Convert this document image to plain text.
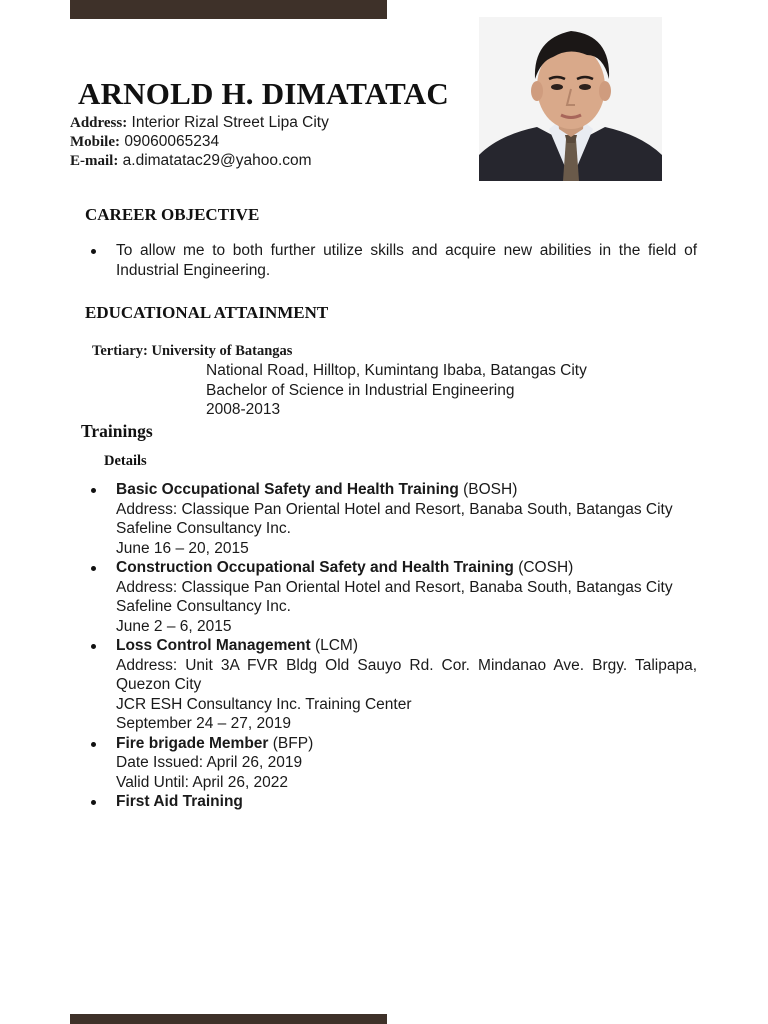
ARNOLD H. DIMATATAC
Address: Interior Rizal Street Lipa City
Mobile: 09060065234
E-mail: a.dimatatac29@yahoo.com
CAREER OBJECTIVE
To allow me to both further utilize skills and acquire new abilities in the field of Industrial Engineering.
EDUCATIONAL ATTAINMENT
Tertiary: University of Batangas
National Road, Hilltop, Kumintang Ibaba, Batangas City
Bachelor of Science in Industrial Engineering
2008-2013
Trainings
Details
Basic Occupational Safety and Health Training (BOSH)
Address: Classique Pan Oriental Hotel and Resort, Banaba South, Batangas City
Safeline Consultancy Inc.
June 16 – 20, 2015
Construction Occupational Safety and Health Training (COSH)
Address: Classique Pan Oriental Hotel and Resort, Banaba South, Batangas City
Safeline Consultancy Inc.
June 2 – 6, 2015
Loss Control Management (LCM)
Address: Unit 3A FVR Bldg Old Sauyo Rd. Cor. Mindanao Ave. Brgy. Talipapa, Quezon City
JCR ESH Consultancy Inc. Training Center
September 24 – 27, 2019
Fire brigade Member (BFP)
Date Issued: April 26, 2019
Valid Until: April 26, 2022
First Aid Training
